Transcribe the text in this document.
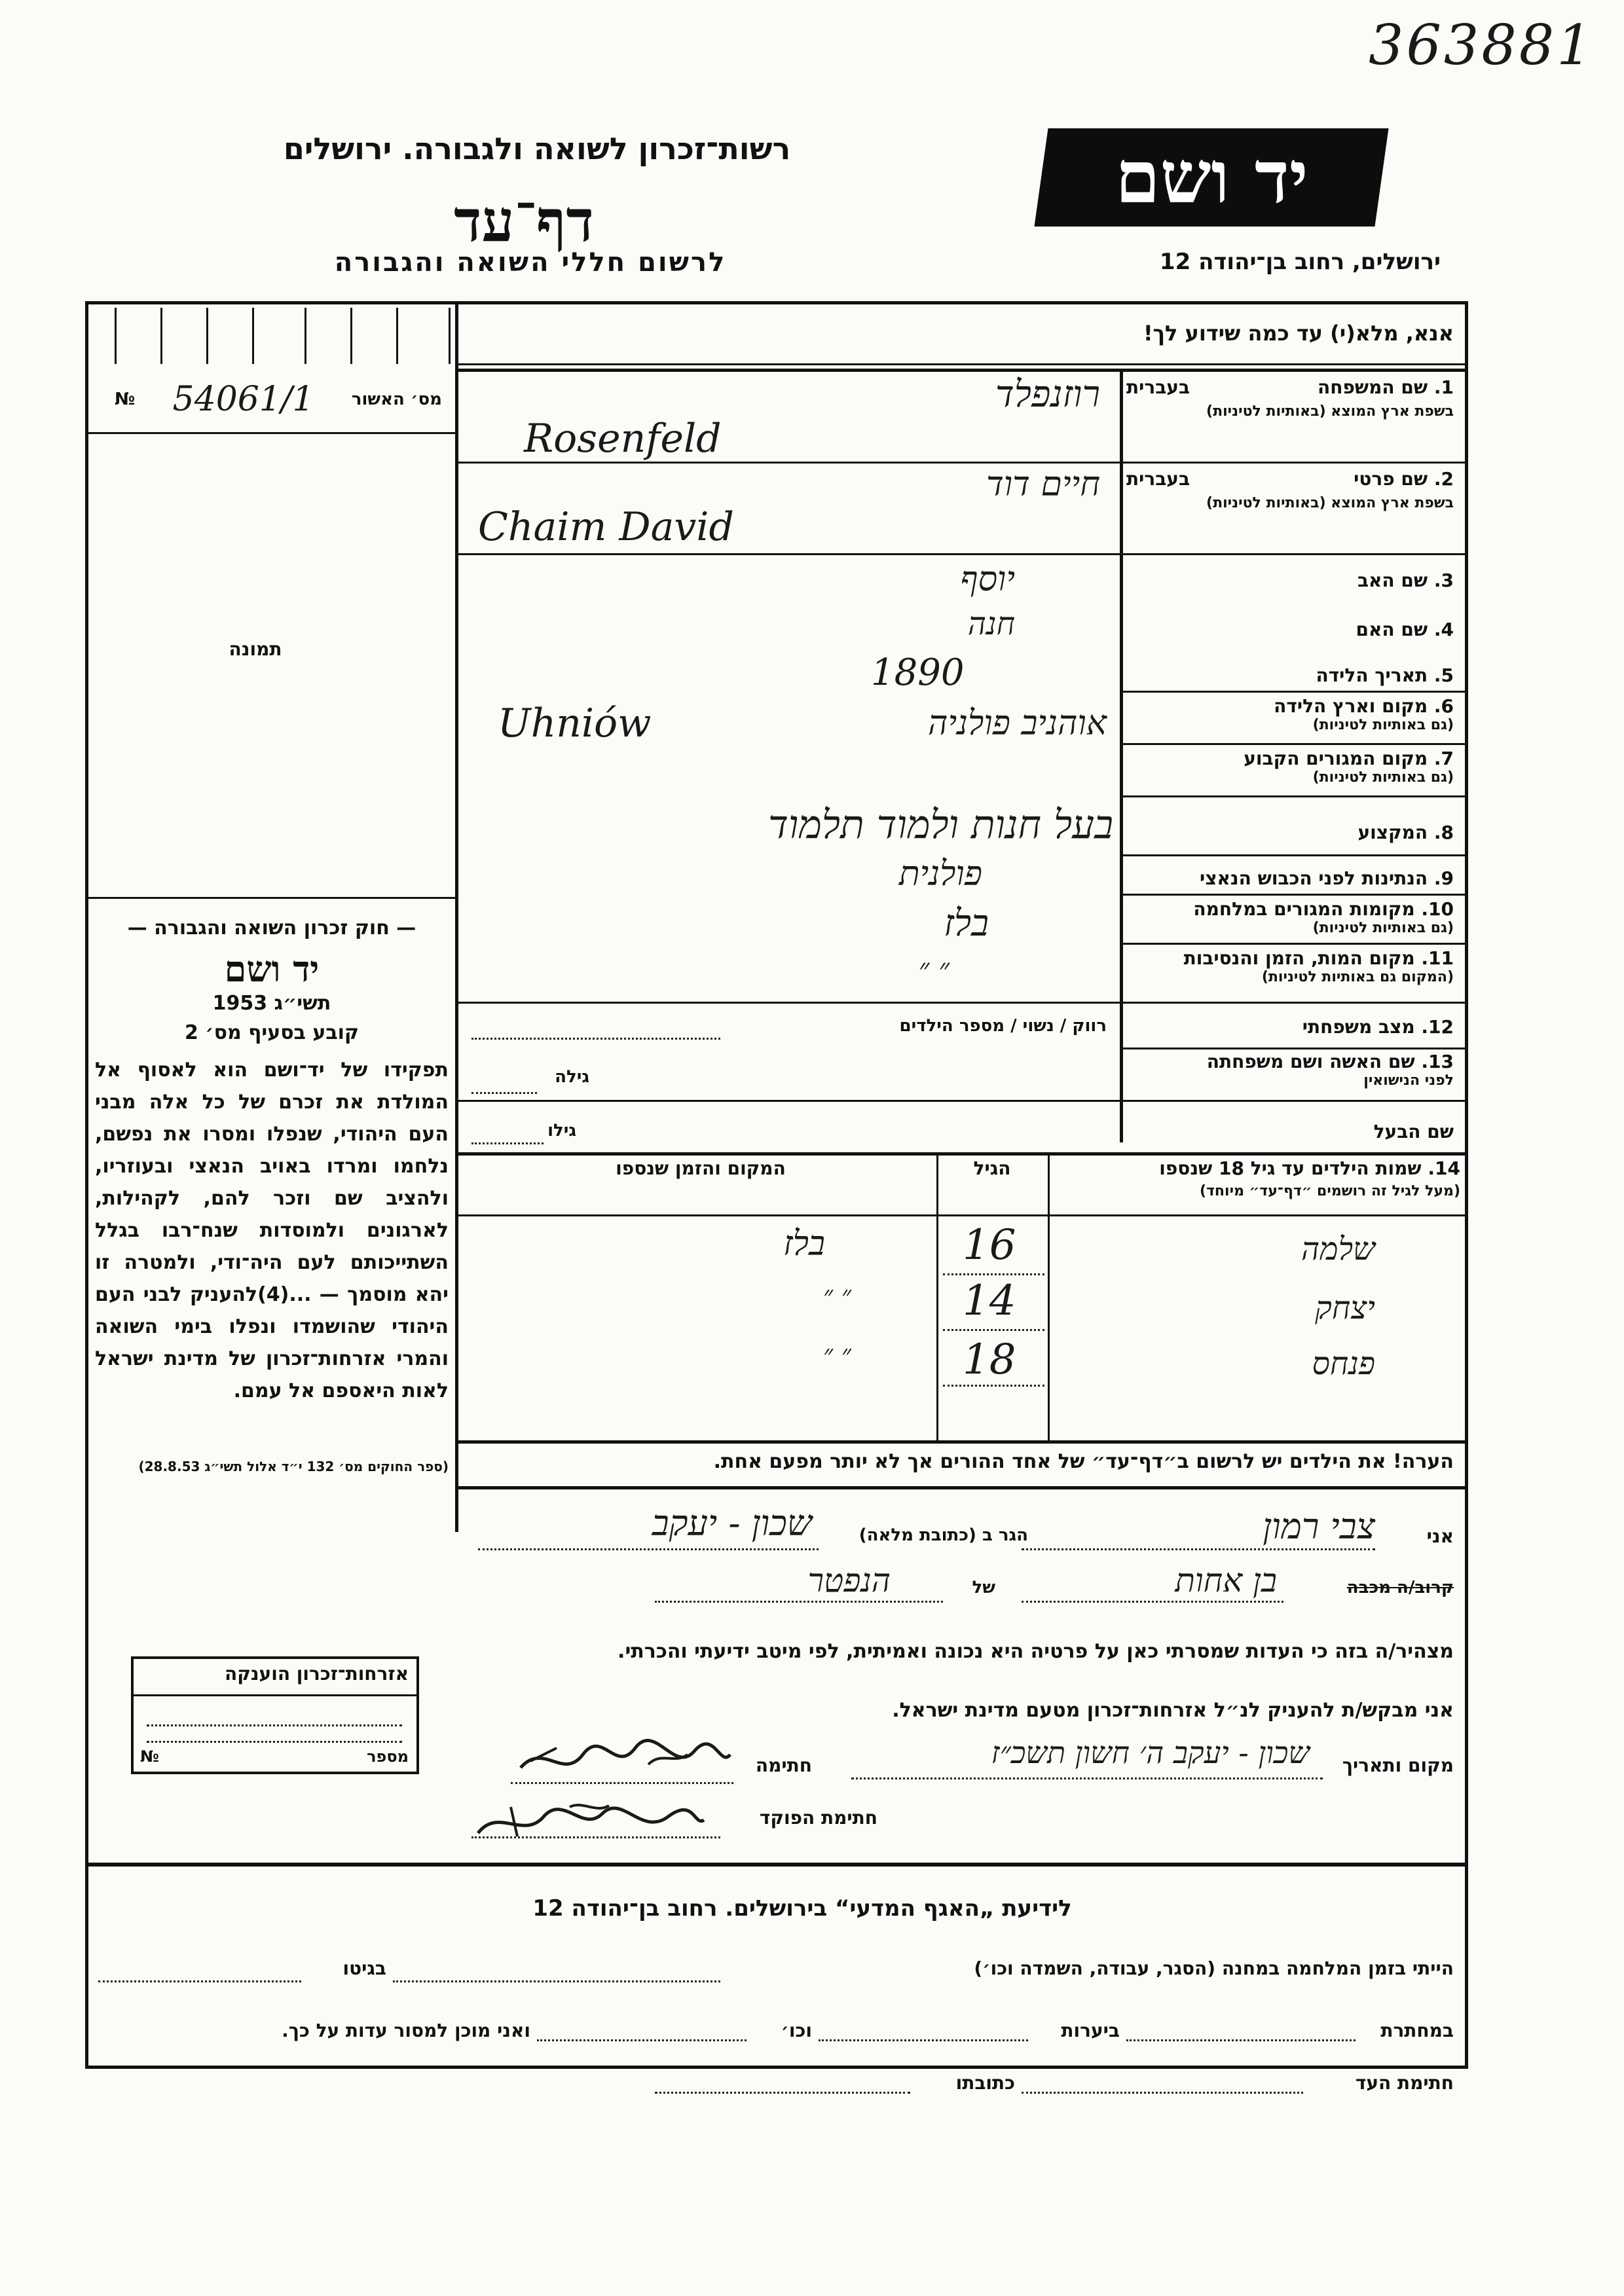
363881
יד ושם
ירושלים, רחוב בן־יהודה 12
רשות־זכרון לשואה ולגבורה. ירושלים
דף־עד
לרשום חללי השואה והגבורה
אנא, מלא(י) עד כמה שידוע לך!
№ 54061/1 מס׳ האשור
תמונה
— חוק זכרון השואה והגבורה —
יד ושם
1953 תשי״ג
קובע בסעיף מס׳ 2
תפקידו של יד־ושם הוא לאסוף אל המולדת את זכרם של כל אלה מבני העם היהודי, שנפלו ומסרו את נפשם, נלחמו ומרדו באויב הנאצי ובעוזריו, ולהציב שם וזכר להם, לקהילות, לארגונים ולמוסדות שנח־רבו בגלל השתייכותם לעם היה־ודי, ולמטרה זו יהא מוסמך — ...(4)להעניק לבני העם היהודי שהושמדו ונפלו בימי השואה והמרי אזרחות־זכרון של מדינת ישראל לאות היאספם אל עמם.
(ספר החוקים מס׳ 132 י״ד אלול תשי״ג 28.8.53)
אזרחות־זכרון הוענקה
№	מספר
1. שם המשפחה
בעברית
בשפת ארץ המוצא (באותיות לטיניות)
רוזנפלד
Rosenfeld
2. שם פרטי
בעברית
בשפת ארץ המוצא (באותיות לטיניות)
חיים דוד
Chaim David
3. שם האב
יוסף
4. שם האם
חנה
5. תאריך הלידה
1890
6. מקום וארץ הלידה
(גם באותיות לטיניות)
אוהניב פולניה
Uhniów
7. מקום המגורים הקבוע
(גם באותיות לטיניות)
8. המקצוע
בעל חנות ולמוד תלמוד
9. הנתינות לפני הכבוש הנאצי
פולנית
10. מקומות המגורים במלחמה
(גם באותיות לטיניות)
בלז
11. מקום המות, הזמן והנסיבות
(המקום גם באותיות לטיניות)
״ ״
12. מצב משפחתי
רווק / נשוי / מספר הילדים
13. שם האשה ושם משפחתה
לפני הנישואין
גילה
שם הבעל
גילו
14. שמות הילדים עד גיל 18 שנספו
(מעל לגיל זה רושמים ״דף־עד״ מיוחד)
הגיל
המקום והזמן שנספו
שלמה
16
בלז
יצחק
14
״ ״
פנחס
18
״ ״
הערה! את הילדים יש לרשום ב״דף־עד״ של אחד ההורים אך לא יותר מפעם אחת.
אני
צבי רמון
הגר ב (כתובת מלאה)
שכון - יעקב
קרוב/ה מכבה
בן אחות
של
הנפטר
מצהיר/ה בזה כי העדות שמסרתי כאן על פרטיה היא נכונה ואמיתית, לפי מיטב ידיעתי והכרתי.
אני מבקש/ת להעניק לנ״ל אזרחות־זכרון מטעם מדינת ישראל.
מקום ותאריך
שכון - יעקב ה׳ חשון תשכ״ז
חתימה
חתימת הפוקד
לידיעת „האגף המדעי“ בירושלים. רחוב בן־יהודה 12
הייתי בזמן המלחמה במחנה (הסגר, עבודה, השמדה וכו׳)
בגיטו
במחתרת
ביערות
וכו׳
ואני מוכן למסור עדות על כך.
חתימת העד
כתובתו
